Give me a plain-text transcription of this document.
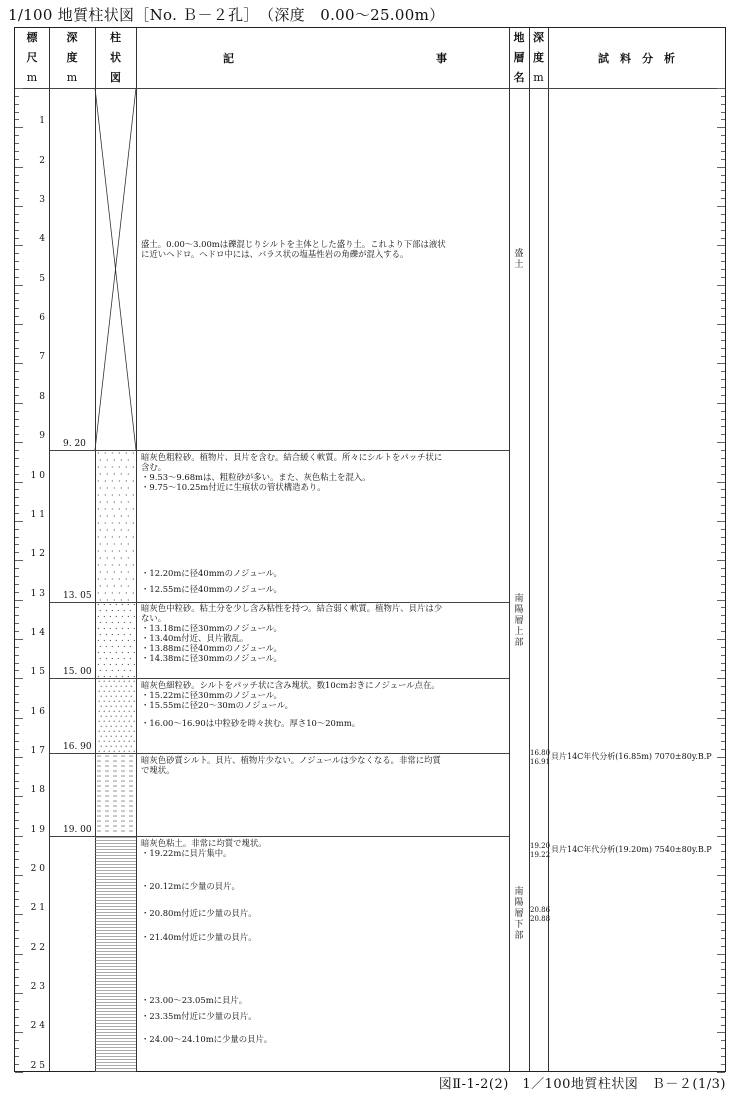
1/100 地質柱状図［No. Ｂ－２孔］　（深度　0.00～25.00m）
標
尺
m
深
度
m
柱
状
図
記	事
地
層
名
深
度
m
試　料　分　析
1
2
3
4
5
6
7
8
9
1 0
1 1
1 2
1 3
1 4
1 5
1 6
1 7
1 8
1 9
2 0
2 1
2 2
2 3
2 4
2 5
9. 20
13. 05
15. 00
16. 90
19. 00
盛土。0.00～3.00mは礫混じりシルトを主体とした盛り土。これより下部は液状
に近いヘドロ。ヘドロ中には、バラス状の塩基性岩の角礫が混入する。
暗灰色粗粒砂。植物片、貝片を含む。結合緩く軟質。所々にシルトをパッチ状に
含む。
・9.53～9.68mは、粗粒砂が多い。また、灰色粘土を混入。
・9.75～10.25m付近に生痕状の管状構造あり。
・12.20mに径40mmのノジュール。
・12.55mに径40mmのノジュール。
暗灰色中粒砂。粘土分を少し含み粘性を持つ。結合弱く軟質。植物片、貝片は少
ない。
・13.18mに径30mmのノジュール。
・13.40m付近、貝片散乱。
・13.88mに径40mmのノジュール。
・14.38mに径30mmのノジュール。
暗灰色細粒砂。シルトをパッチ状に含み塊状。数10cmおきにノジュール点在。
・15.22mに径30mmのノジュール。
・15.55mに径20～30mのノジュール。
・16.00～16.90は中粒砂を時々挟む。厚さ10～20mm。
暗灰色砂質シルト。貝片、植物片少ない。ノジュールは少なくなる。非常に均質
で塊状。
暗灰色粘土。非常に均質で塊状。
・19.22mに貝片集中。
・20.12mに少量の貝片。
・20.80m付近に少量の貝片。
・21.40m付近に少量の貝片。
・23.00～23.05mに貝片。
・23.35m付近に少量の貝片。
・24.00～24.10mに少量の貝片。
盛土
南陽層上部
南陽層下部
16.80
16.91
貝片14C年代分析(16.85m) 7070±80y.B.P
19.20
19.22
貝片14C年代分析(19.20m) 7540±80y.B.P
20.86
20.88
図Ⅱ-1-2(2)　1／100地質柱状図　Ｂ－２(1/3)
